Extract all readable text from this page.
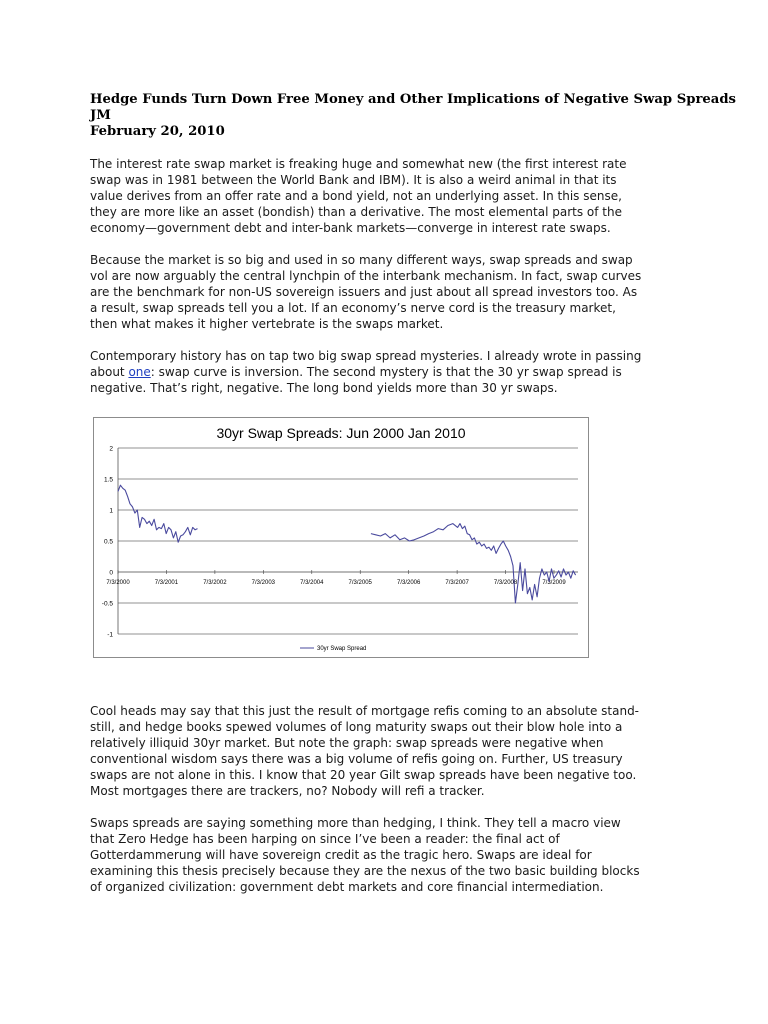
Hedge Funds Turn Down Free Money and Other Implications of Negative Swap Spreads
JM
February 20, 2010
The interest rate swap market is freaking huge and somewhat new (the first interest rate
swap was in 1981 between the World Bank and IBM). It is also a weird animal in that its
value derives from an offer rate and a bond yield, not an underlying asset. In this sense,
they are more like an asset (bondish) than a derivative. The most elemental parts of the
economy—government debt and inter-bank markets—converge in interest rate swaps.
Because the market is so big and used in so many different ways, swap spreads and swap
vol are now arguably the central lynchpin of the interbank mechanism. In fact, swap curves
are the benchmark for non-US sovereign issuers and just about all spread investors too. As
a result, swap spreads tell you a lot. If an economy’s nerve cord is the treasury market,
then what makes it higher vertebrate is the swaps market.
Contemporary history has on tap two big swap spread mysteries. I already wrote in passing
about one: swap curve is inversion. The second mystery is that the 30 yr swap spread is
negative. That’s right, negative. The long bond yields more than 30 yr swaps.
30yr Swap Spreads: Jun 2000 Jan 2010
2
1.5
1
0.5
0
-0.5
-1
7/3/2000	7/3/2001	7/3/2002	7/3/2003	7/3/2004	7/3/2005	7/3/2006	7/3/2007	7/3/2008	7/3/2009
30yr Swap Spread
Cool heads may say that this just the result of mortgage refis coming to an absolute stand-
still, and hedge books spewed volumes of long maturity swaps out their blow hole into a
relatively illiquid 30yr market. But note the graph: swap spreads were negative when
conventional wisdom says there was a big volume of refis going on. Further, US treasury
swaps are not alone in this. I know that 20 year Gilt swap spreads have been negative too.
Most mortgages there are trackers, no? Nobody will refi a tracker.
Swaps spreads are saying something more than hedging, I think. They tell a macro view
that Zero Hedge has been harping on since I’ve been a reader: the final act of
Gotterdammerung will have sovereign credit as the tragic hero. Swaps are ideal for
examining this thesis precisely because they are the nexus of the two basic building blocks
of organized civilization: government debt markets and core financial intermediation.
